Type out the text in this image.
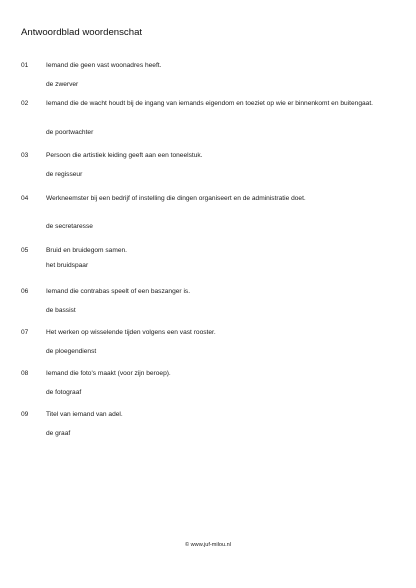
Antwoordblad woordenschat
01	Iemand die geen vast woonadres heeft.
de zwerver
02	Iemand die de wacht houdt bij de ingang van iemands eigendom en toeziet op wie er binnenkomt en buitengaat.
de poortwachter
03	Persoon die artistiek leiding geeft aan een toneelstuk.
de regisseur
04	Werkneemster bij een bedrijf of instelling die dingen organiseert en de administratie doet.
de secretaresse
05	Bruid en bruidegom samen.
het bruidspaar
06	Iemand die contrabas speelt of een baszanger is.
de bassist
07	Het werken op wisselende tijden volgens een vast rooster.
de ploegendienst
08	Iemand die foto's maakt (voor zijn beroep).
de fotograaf
09	Titel van iemand van adel.
de graaf
© www.juf-milou.nl
